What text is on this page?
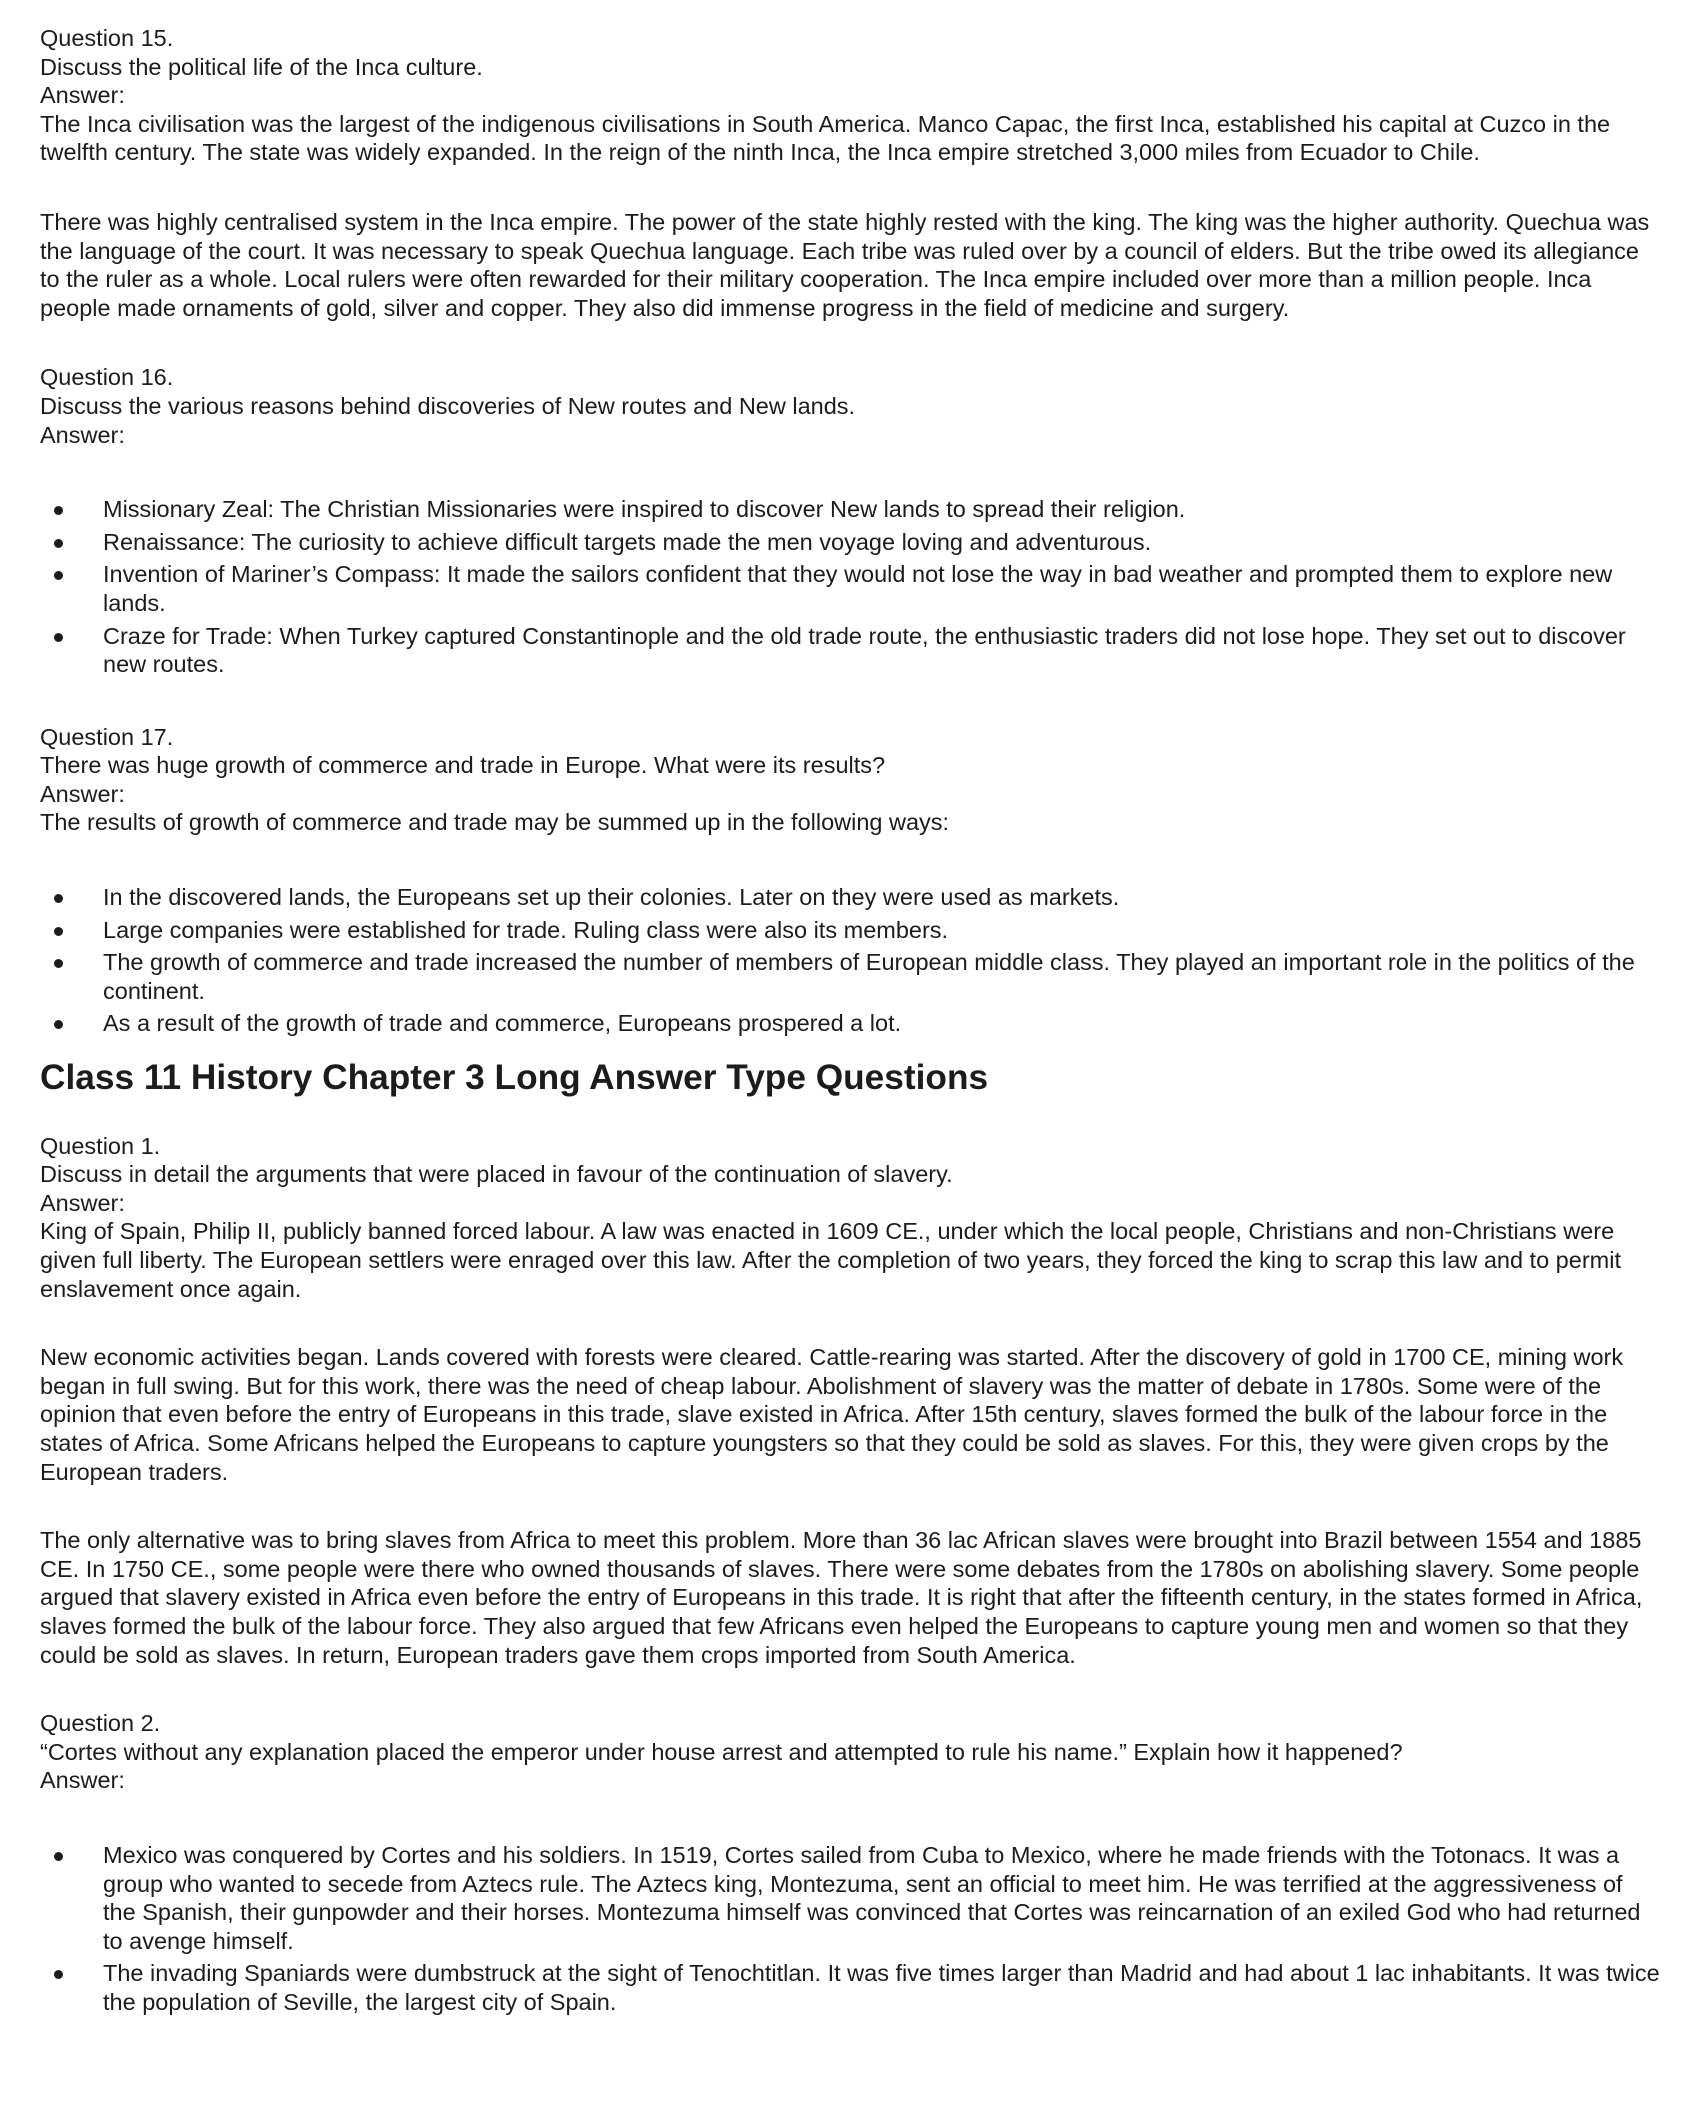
Question 15.

Discuss the political life of the Inca culture.

Answer:

The Inca civilisation was the largest of the indigenous civilisations in South America. Manco Capac, the first Inca, established his capital at Cuzco in the twelfth century. The state was widely expanded. In the reign of the ninth Inca, the Inca empire stretched 3,000 miles from Ecuador to Chile.

There was highly centralised system in the Inca empire. The power of the state highly rested with the king. The king was the higher authority. Quechua was the language of the court. It was necessary to speak Quechua language. Each tribe was ruled over by a council of elders. But the tribe owed its allegiance to the ruler as a whole. Local rulers were often rewarded for their military cooperation. The Inca empire included over more than a million people. Inca people made ornaments of gold, silver and copper. They also did immense progress in the field of medicine and surgery.

Question 16.

Discuss the various reasons behind discoveries of New routes and New lands.

Answer:

Missionary Zeal: The Christian Missionaries were inspired to discover New lands to spread their religion.
Renaissance: The curiosity to achieve difficult targets made the men voyage loving and adventurous.
Invention of Mariner’s Compass: It made the sailors confident that they would not lose the way in bad weather and prompted them to explore new lands.
Craze for Trade: When Turkey captured Constantinople and the old trade route, the enthusiastic traders did not lose hope. They set out to discover new routes.

Question 17.

There was huge growth of commerce and trade in Europe. What were its results?

Answer:

The results of growth of commerce and trade may be summed up in the following ways:

In the discovered lands, the Europeans set up their colonies. Later on they were used as markets.
Large companies were established for trade. Ruling class were also its members.
The growth of commerce and trade increased the number of members of European middle class. They played an important role in the politics of the continent.
As a result of the growth of trade and commerce, Europeans prospered a lot.
Class 11 History Chapter 3 Long Answer Type Questions

Question 1.

Discuss in detail the arguments that were placed in favour of the continuation of slavery.

Answer:

King of Spain, Philip II, publicly banned forced labour. A law was enacted in 1609 CE., under which the local people, Christians and non-Christians were given full liberty. The European settlers were enraged over this law. After the completion of two years, they forced the king to scrap this law and to permit enslavement once again.

New economic activities began. Lands covered with forests were cleared. Cattle-rearing was started. After the discovery of gold in 1700 CE, mining work began in full swing. But for this work, there was the need of cheap labour. Abolishment of slavery was the matter of debate in 1780s. Some were of the opinion that even before the entry of Europeans in this trade, slave existed in Africa. After 15th century, slaves formed the bulk of the labour force in the states of Africa. Some Africans helped the Europeans to capture youngsters so that they could be sold as slaves. For this, they were given crops by the European traders.

The only alternative was to bring slaves from Africa to meet this problem. More than 36 lac African slaves were brought into Brazil between 1554 and 1885 CE. In 1750 CE., some people were there who owned thousands of slaves. There were some debates from the 1780s on abolishing slavery. Some people argued that slavery existed in Africa even before the entry of Europeans in this trade. It is right that after the fifteenth century, in the states formed in Africa, slaves formed the bulk of the labour force. They also argued that few Africans even helped the Europeans to capture young men and women so that they could be sold as slaves. In return, European traders gave them crops imported from South America.

Question 2.

“Cortes without any explanation placed the emperor under house arrest and attempted to rule his name.” Explain how it happened?

Answer:

Mexico was conquered by Cortes and his soldiers. In 1519, Cortes sailed from Cuba to Mexico, where he made friends with the Totonacs. It was a group who wanted to secede from Aztecs rule. The Aztecs king, Montezuma, sent an official to meet him. He was terrified at the aggressiveness of the Spanish, their gunpowder and their horses. Montezuma himself was convinced that Cortes was reincarnation of an exiled God who had returned to avenge himself.
The invading Spaniards were dumbstruck at the sight of Tenochtitlan. It was five times larger than Madrid and had about 1 lac inhabitants. It was twice the population of Seville, the largest city of Spain.
